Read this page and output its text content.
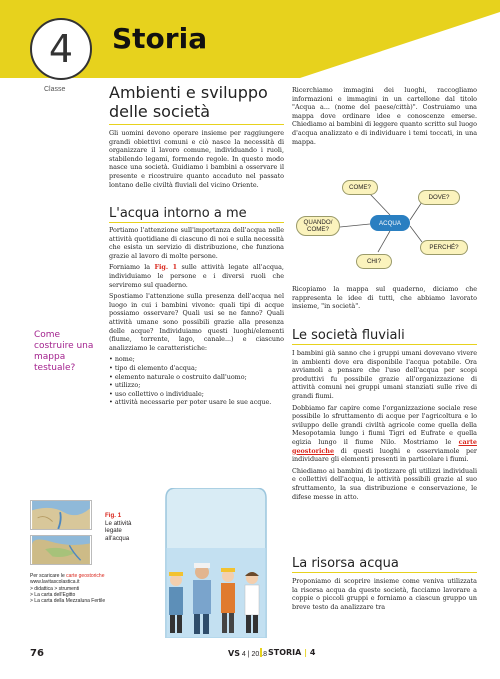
4
Classe
Storia
Come costruire una mappa testuale?
Per scaricare le carte geostoriche
www.lavitascolastica.it
> didattica > strumenti
> La carta dell'Egitto
> La carta della Mezzaluna Fertile
Ambienti e sviluppo delle società

Gli uomini devono operare insieme per raggiungere grandi obiettivi comuni e ciò nasce la necessità di organizzare il lavoro comune, individuando i ruoli, stabilendo legami, formendo regole. In questo modo nasce una società. Guidiamo i bambini a osservare il presente e ricostruire quanto accaduto nel passato lontano delle civiltà fluviali del vicino Oriente.

L'acqua intorno a me

Portiamo l'attenzione sull'importanza dell'acqua nelle attività quotidiane di ciascuno di noi e sulla necessità che esista un servizio di distribuzione, che funziona grazie al lavoro di molte persone.

Forniamo la Fig. 1 sulle attività legate all'acqua, individuiamo le persone e i diversi ruoli che serviremo sul quaderno.

Spostiamo l'attenzione sulla presenza dell'acqua nel luogo in cui i bambini vivono: quali tipi di acque possiamo osservare? Quali usi se ne fanno? Quali attività umane sono possibili grazie alla presenza delle acque? Individuiamo questi luoghi/elementi (fiume, torrente, lago, canale...) e ciascuno analizziamo le caratteristiche:

• nome;
• tipo di elemento d'acqua;
• elemento naturale o costruito dall'uomo;
• utilizzo;
• uso collettivo o individuale;
• attività necessarie per poter usare le sue acque.
Fig. 1
Le attività legate all'acqua

Ricerchiamo immagini dei luoghi, raccogliamo informazioni e immagini in un cartellone dal titolo "Acqua a... (nome del paese/città)". Costruiamo una mappa dove ordinare idee e conoscenze emerse. Chiediamo ai bambini di leggere quanto scritto sul luogo d'acqua analizzato e di individuare i temi toccati, in una mappa.

COME?
DOVE?
QUANDO/ COME?
PERCHÉ?
CHI?
ACQUA

Ricopiamo la mappa sul quaderno, diciamo che rappresenta le idee di tutti, che abbiamo lavorato insieme, "in società".

Le società fluviali

I bambini già sanno che i gruppi umani dovevano vivere in ambienti dove era disponibile l'acqua potabile. Ora avviamoli a pensare che l'uso dell'acqua per scopi produttivi fu possibile grazie all'organizzazione di attività comuni nei gruppi umani stanziati sulle rive di grandi fiumi.

Dobbiamo far capire come l'organizzazione sociale rese possibile lo sfruttamento di acque per l'agricoltura e lo sviluppo delle grandi civiltà agricole come quella della Mesopotamia lungo i fiumi Tigri ed Eufrate e quella egizia lungo il fiume Nilo. Mostriamo le carte geostoriche di questi luoghi e osserviamole per individuare gli elementi presenti in particolare i fiumi.

Chiediamo ai bambini di ipotizzare gli utilizzi individuali e collettivi dell'acqua, le attività possibili grazie al suo sfruttamento, la sua distribuzione e conservazione, le difese messe in atto.

La risorsa acqua

Proponiamo di scoprire insieme come veniva utilizzata la risorsa acqua da queste società, facciamo lavorare a coppie o piccoli gruppi e forniamo a ciascun gruppo un breve testo da analizzare tra

76	VS 4 | 2018 STORIA | 4
